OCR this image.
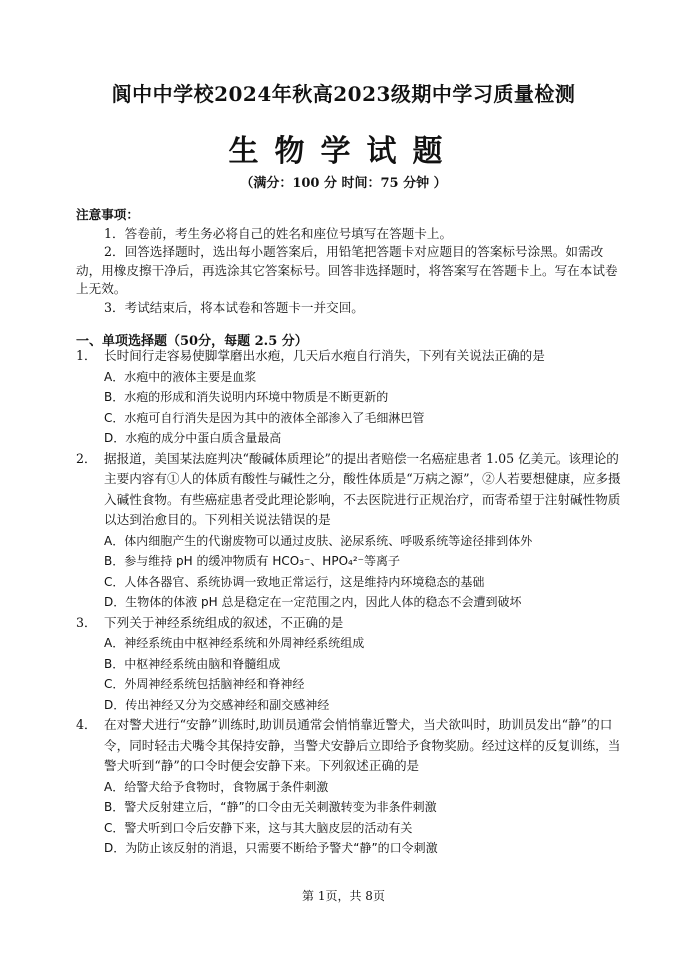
阆中中学校2024年秋高2023级期中学习质量检测
生物学试题
（满分：100 分 时间：75 分钟 ）
注意事项：
1．答卷前，考生务必将自己的姓名和座位号填写在答题卡上。
2．回答选择题时，选出每小题答案后，用铅笔把答题卡对应题目的答案标号涂黑。如需改动，用橡皮擦干净后，再选涂其它答案标号。回答非选择题时，将答案写在答题卡上。写在本试卷上无效。
3．考试结束后，将本试卷和答题卡一并交回。
一、单项选择题（50分，每题 2.5 分）
1． 长时间行走容易使脚掌磨出水疱，几天后水疱自行消失，下列有关说法正确的是
A．水疱中的液体主要是血浆
B．水疱的形成和消失说明内环境中物质是不断更新的
C．水疱可自行消失是因为其中的液体全部渗入了毛细淋巴管
D．水疱的成分中蛋白质含量最高
2． 据报道，美国某法庭判决“酸碱体质理论”的提出者赔偿一名癌症患者 1.05 亿美元。该理论的主要内容有①人的体质有酸性与碱性之分，酸性体质是“万病之源”，②人若要想健康，应多摄入碱性食物。有些癌症患者受此理论影响，不去医院进行正规治疗，而寄希望于注射碱性物质以达到治愈目的。下列相关说法错误的是
A．体内细胞产生的代谢废物可以通过皮肤、泌尿系统、呼吸系统等途径排到体外
B．参与维持 pH 的缓冲物质有 HCO₃⁻、HPO₄²⁻等离子
C．人体各器官、系统协调一致地正常运行，这是维持内环境稳态的基础
D．生物体的体液 pH 总是稳定在一定范围之内，因此人体的稳态不会遭到破坏
3． 下列关于神经系统组成的叙述，不正确的是
A．神经系统由中枢神经系统和外周神经系统组成
B．中枢神经系统由脑和脊髓组成
C．外周神经系统包括脑神经和脊神经
D．传出神经又分为交感神经和副交感神经
4． 在对警犬进行“安静”训练时,助训员通常会悄悄靠近警犬，当犬欲叫时，助训员发出“静”的口令，同时轻击犬嘴令其保持安静，当警犬安静后立即给予食物奖励。经过这样的反复训练，当警犬听到“静”的口令时便会安静下来。下列叙述正确的是
A．给警犬给予食物时，食物属于条件刺激
B．警犬反射建立后，“静”的口令由无关刺激转变为非条件刺激
C．警犬听到口令后安静下来，这与其大脑皮层的活动有关
D．为防止该反射的消退，只需要不断给予警犬“静”的口令刺激
第 1页，共 8页
